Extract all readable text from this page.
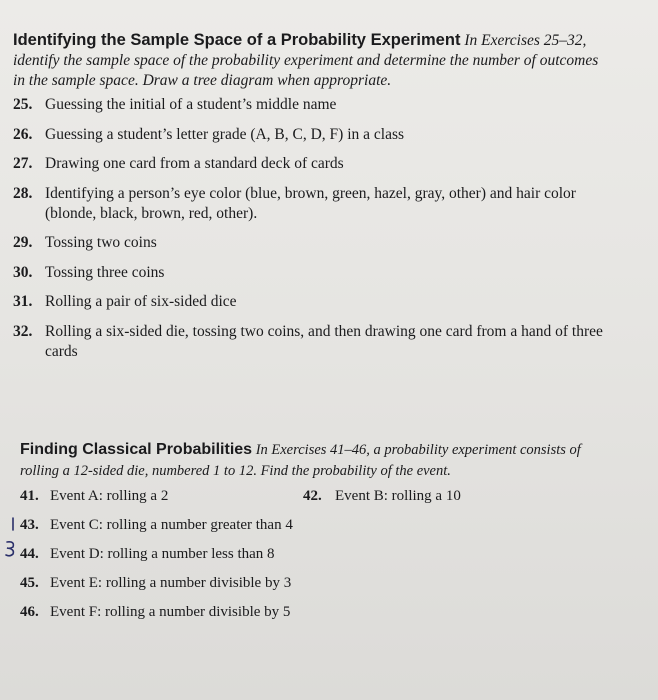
Identifying the Sample Space of a Probability Experiment In Exercises 25–32, identify the sample space of the probability experiment and determine the number of outcomes in the sample space. Draw a tree diagram when appropriate.
25. Guessing the initial of a student’s middle name
26. Guessing a student’s letter grade (A, B, C, D, F) in a class
27. Drawing one card from a standard deck of cards
28. Identifying a person’s eye color (blue, brown, green, hazel, gray, other) and hair color (blonde, black, brown, red, other).
29. Tossing two coins
30. Tossing three coins
31. Rolling a pair of six-sided dice
32. Rolling a six-sided die, tossing two coins, and then drawing one card from a hand of three cards
Finding Classical Probabilities In Exercises 41–46, a probability experiment consists of rolling a 12-sided die, numbered 1 to 12. Find the probability of the event.
41. Event A: rolling a 2	42. Event B: rolling a 10
43. Event C: rolling a number greater than 4
44. Event D: rolling a number less than 8
45. Event E: rolling a number divisible by 3
46. Event F: rolling a number divisible by 5
